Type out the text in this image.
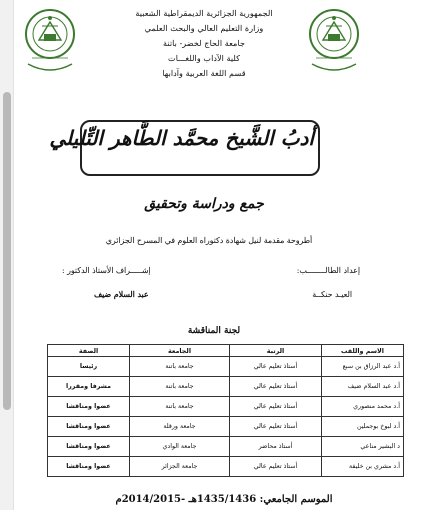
الجمهورية الجزائرية الديمقراطية الشعبية
وزارة التعليم العالي والبحث العلمي
جامعة الحاج لخضر- باتنة
كلية الآداب واللغـــات
قسم اللغة العربية وآدابها
أدبُ الشَّيخ محمَّد الطَّاهر التِّليلي
جمع ودراسة وتحقيق
أطروحة مقدمة لنيل شهادة دكتوراه العلوم في المسرح الجزائري
إعداد الطالــــــــب:
إشـــــراف الأستاذ الدكتور :
العيـد حنكــة
عبد السلام ضيف
لجنة المناقشة
الاسم واللقب	الرتبة	الجامعة	الصفة
أ.د عبد الرزاق بن سبع	أستاذ تعليم عالي	جامعة باتنة	رئيسا
أ.د عبد السلام ضيف	أستاذ تعليم عالي	جامعة باتنة	مشرفا ومقررا
أ.د محمد منصوري	أستاذ تعليم عالي	جامعة باتنة	عضوا ومناقشا
أ.د لبوخ بوجملين	أستاذ تعليم عالي	جامعة ورقلة	عضوا ومناقشا
د البشير مناعي	أستاذ محاضر	جامعة الوادي	عضوا ومناقشا
أ.د مشري بن خليفة	أستاذ تعليم عالي	جامعة الجزائر	عضوا ومناقشا
الموسم الجامعي: 1435/1436هـ -2014/2015م
